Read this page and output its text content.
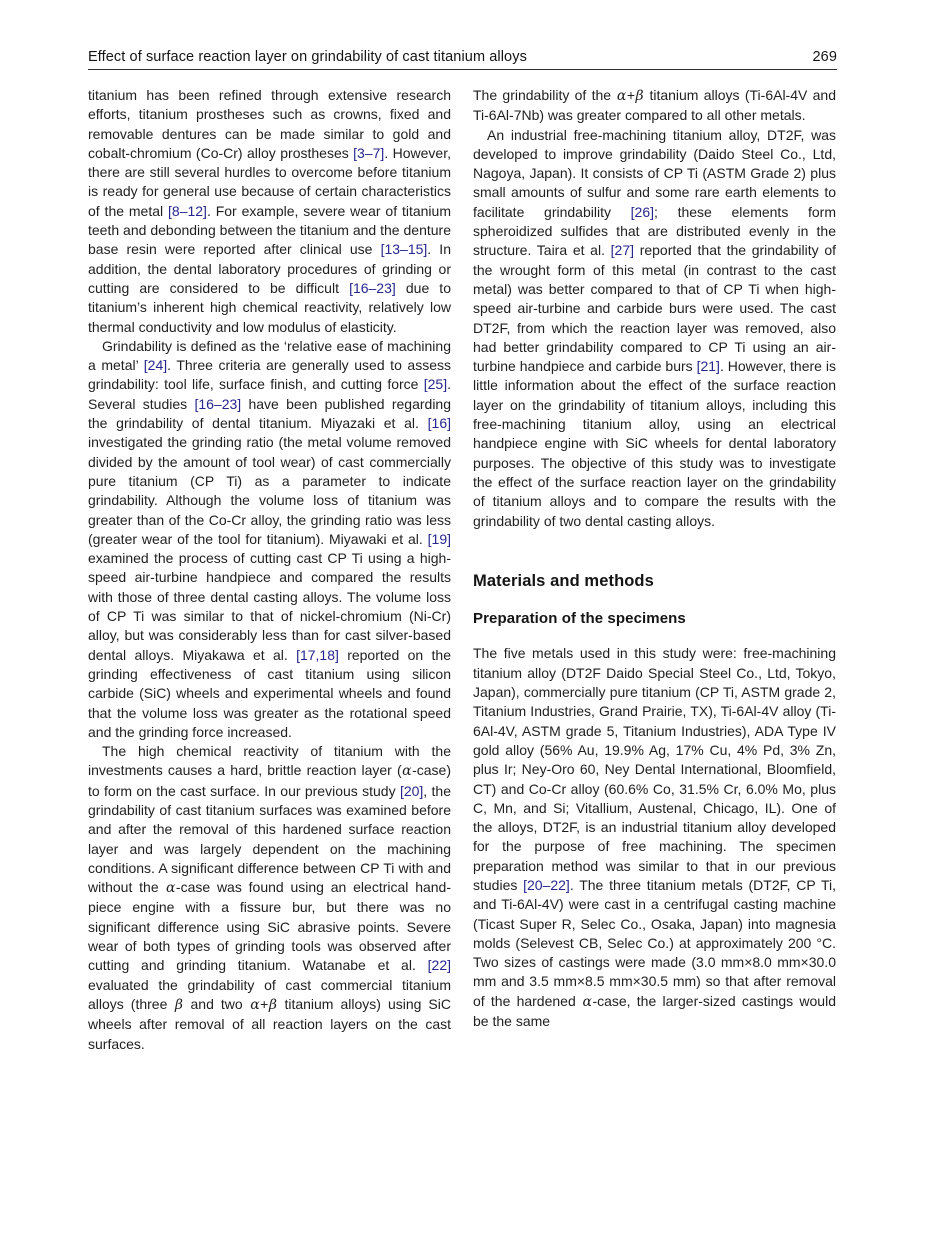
Effect of surface reaction layer on grindability of cast titanium alloys	269

titanium has been refined through extensive research efforts, titanium prostheses such as crowns, fixed and removable dentures can be made similar to gold and cobalt-chromium (Co-Cr) alloy prostheses [3–7]. However, there are still several hurdles to overcome before titanium is ready for general use because of certain characteristics of the metal [8–12]. For example, severe wear of titanium teeth and debonding between the titanium and the denture base resin were reported after clinical use [13–15]. In addition, the dental laboratory procedures of grinding or cutting are considered to be difficult [16–23] due to titanium’s inherent high chemical reactivity, relatively low thermal conductivity and low modulus of elasticity.

Grindability is defined as the ‘relative ease of machining a metal’ [24]. Three criteria are generally used to assess grindability: tool life, surface finish, and cutting force [25]. Several studies [16–23] have been published regarding the grindability of dental titanium. Miyazaki et al. [16] investigated the grinding ratio (the metal volume removed divided by the amount of tool wear) of cast commercially pure titanium (CP Ti) as a parameter to indicate grindability. Although the volume loss of titanium was greater than of the Co-Cr alloy, the grinding ratio was less (greater wear of the tool for titanium). Miyawaki et al. [19] examined the process of cutting cast CP Ti using a high-speed air-turbine handpiece and compared the results with those of three dental casting alloys. The volume loss of CP Ti was similar to that of nickel-chromium (Ni-Cr) alloy, but was considerably less than for cast silver-based dental alloys. Miyakawa et al. [17,18] reported on the grinding effectiveness of cast titanium using silicon carbide (SiC) wheels and experimental wheels and found that the volume loss was greater as the rotational speed and the grinding force increased.

The high chemical reactivity of titanium with the investments causes a hard, brittle reaction layer (α-case) to form on the cast surface. In our previous study [20], the grindability of cast titanium surfaces was examined before and after the removal of this hardened surface reaction layer and was largely dependent on the machining conditions. A significant difference between CP Ti with and without the α-case was found using an electrical hand-piece engine with a fissure bur, but there was no significant difference using SiC abrasive points. Severe wear of both types of grinding tools was observed after cutting and grinding titanium. Watanabe et al. [22] evaluated the grindability of cast commercial titanium alloys (three β and two α+β titanium alloys) using SiC wheels after removal of all reaction layers on the cast surfaces.

The grindability of the α+β titanium alloys (Ti-6Al-4V and Ti-6Al-7Nb) was greater compared to all other metals.

An industrial free-machining titanium alloy, DT2F, was developed to improve grindability (Daido Steel Co., Ltd, Nagoya, Japan). It consists of CP Ti (ASTM Grade 2) plus small amounts of sulfur and some rare earth elements to facilitate grindability [26]; these elements form spheroidized sulfides that are distributed evenly in the structure. Taira et al. [27] reported that the grindability of the wrought form of this metal (in contrast to the cast metal) was better compared to that of CP Ti when high-speed air-turbine and carbide burs were used. The cast DT2F, from which the reaction layer was removed, also had better grindability compared to CP Ti using an air-turbine handpiece and carbide burs [21]. However, there is little information about the effect of the surface reaction layer on the grindability of titanium alloys, including this free-machining titanium alloy, using an electrical handpiece engine with SiC wheels for dental laboratory purposes. The objective of this study was to investigate the effect of the surface reaction layer on the grindability of titanium alloys and to compare the results with the grindability of two dental casting alloys.

Materials and methods
Preparation of the specimens

The five metals used in this study were: free-machining titanium alloy (DT2F Daido Special Steel Co., Ltd, Tokyo, Japan), commercially pure titanium (CP Ti, ASTM grade 2, Titanium Industries, Grand Prairie, TX), Ti-6Al-4V alloy (Ti-6Al-4V, ASTM grade 5, Titanium Industries), ADA Type IV gold alloy (56% Au, 19.9% Ag, 17% Cu, 4% Pd, 3% Zn, plus Ir; Ney-Oro 60, Ney Dental International, Bloomfield, CT) and Co-Cr alloy (60.6% Co, 31.5% Cr, 6.0% Mo, plus C, Mn, and Si; Vitallium, Austenal, Chicago, IL). One of the alloys, DT2F, is an industrial titanium alloy developed for the purpose of free machining. The specimen preparation method was similar to that in our previous studies [20–22]. The three titanium metals (DT2F, CP Ti, and Ti-6Al-4V) were cast in a centrifugal casting machine (Ticast Super R, Selec Co., Osaka, Japan) into magnesia molds (Selevest CB, Selec Co.) at approximately 200 °C. Two sizes of castings were made (3.0 mm×8.0 mm×30.0 mm and 3.5 mm×8.5 mm×30.5 mm) so that after removal of the hardened α-case, the larger-sized castings would be the same
